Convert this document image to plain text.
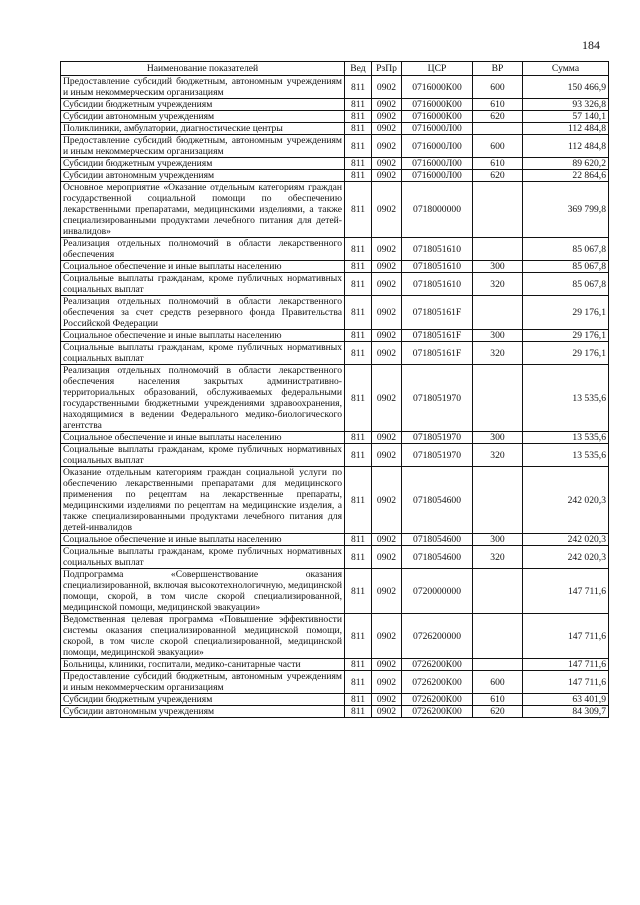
184
Наименование показателей	Вед	РзПр	ЦСР	ВР	Сумма
Предоставление субсидий бюджетным, автономным учреждениям и иным некоммерческим организациям	811	0902	0716000К00	600	150 466,9
Субсидии бюджетным учреждениям	811	0902	0716000К00	610	93 326,8
Субсидии автономным учреждениям	811	0902	0716000К00	620	57 140,1
Поликлиники, амбулатории, диагностические центры	811	0902	0716000Л00		112 484,8
Предоставление субсидий бюджетным, автономным учреждениям и иным некоммерческим организациям	811	0902	0716000Л00	600	112 484,8
Субсидии бюджетным учреждениям	811	0902	0716000Л00	610	89 620,2
Субсидии автономным учреждениям	811	0902	0716000Л00	620	22 864,6
Основное мероприятие «Оказание отдельным категориям граждан государственной социальной помощи по обеспечению лекарственными препаратами, медицинскими изделиями, а также специализированными продуктами лечебного питания для детей-инвалидов»	811	0902	0718000000		369 799,8
Реализация отдельных полномочий в области лекарственного обеспечения	811	0902	0718051610		85 067,8
Социальное обеспечение и иные выплаты населению	811	0902	0718051610	300	85 067,8
Социальные выплаты гражданам, кроме публичных нормативных социальных выплат	811	0902	0718051610	320	85 067,8
Реализация отдельных полномочий в области лекарственного обеспечения за счет средств резервного фонда Правительства Российской Федерации	811	0902	071805161F		29 176,1
Социальное обеспечение и иные выплаты населению	811	0902	071805161F	300	29 176,1
Социальные выплаты гражданам, кроме публичных нормативных социальных выплат	811	0902	071805161F	320	29 176,1
Реализация отдельных полномочий в области лекарственного обеспечения населения закрытых административно-территориальных образований, обслуживаемых федеральными государственными бюджетными учреждениями здравоохранения, находящимися в ведении Федерального медико-биологического агентства	811	0902	0718051970		13 535,6
Социальное обеспечение и иные выплаты населению	811	0902	0718051970	300	13 535,6
Социальные выплаты гражданам, кроме публичных нормативных социальных выплат	811	0902	0718051970	320	13 535,6
Оказание отдельным категориям граждан социальной услуги по обеспечению лекарственными препаратами для медицинского применения по рецептам на лекарственные препараты, медицинскими изделиями по рецептам на медицинские изделия, а также специализированными продуктами лечебного питания для детей-инвалидов	811	0902	0718054600		242 020,3
Социальное обеспечение и иные выплаты населению	811	0902	0718054600	300	242 020,3
Социальные выплаты гражданам, кроме публичных нормативных социальных выплат	811	0902	0718054600	320	242 020,3
Подпрограмма «Совершенствование оказания специализированной, включая высокотехнологичную, медицинской помощи, скорой, в том числе скорой специализированной, медицинской помощи, медицинской эвакуации»	811	0902	0720000000		147 711,6
Ведомственная целевая программа «Повышение эффективности системы оказания специализированной медицинской помощи, скорой, в том числе скорой специализированной, медицинской помощи, медицинской эвакуации»	811	0902	0726200000		147 711,6
Больницы, клиники, госпитали, медико-санитарные части	811	0902	0726200К00		147 711,6
Предоставление субсидий бюджетным, автономным учреждениям и иным некоммерческим организациям	811	0902	0726200К00	600	147 711,6
Субсидии бюджетным учреждениям	811	0902	0726200К00	610	63 401,9
Субсидии автономным учреждениям	811	0902	0726200К00	620	84 309,7
